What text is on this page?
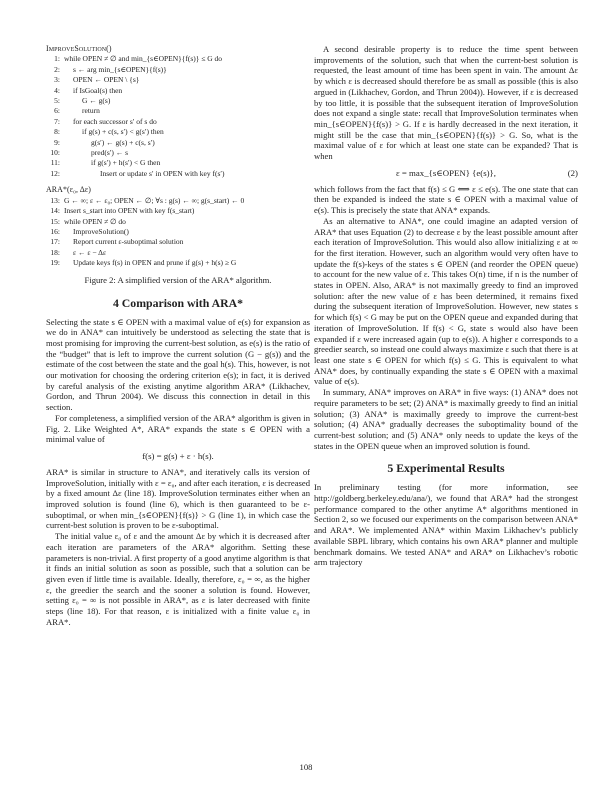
ImproveSolution()
1: while OPEN ≠ ∅ and min_{s∈OPEN}{f(s)} ≤ G do
2:	s ← arg min_{s∈OPEN}{f(s)}
3:	OPEN ← OPEN \ {s}
4:	if IsGoal(s) then
5:	G ← g(s)
6:	return
7:	for each successor s′ of s do
8:	if g(s) + c(s, s′) < g(s′) then
9:	g(s′) ← g(s) + c(s, s′)
10:	pred(s′) ← s
11:	if g(s′) + h(s′) < G then
12:	Insert or update s′ in OPEN with key f(s′)
ARA*(ε₀, Δε)
13: G ← ∞; ε ← ε₀; OPEN ← ∅; ∀s : g(s) ← ∞; g(s_start) ← 0
14: Insert s_start into OPEN with key f(s_start)
15: while OPEN ≠ ∅ do
16:	ImproveSolution()
17:	Report current ε-suboptimal solution
18:	ε ← ε − Δε
19:	Update keys f(s) in OPEN and prune if g(s) + h(s) ≥ G
Figure 2: A simplified version of the ARA* algorithm.
4 Comparison with ARA*

Selecting the state s ∈ OPEN with a maximal value of e(s) for expansion as we do in ANA* can intuitively be understood as selecting the state that is most promising for improving the current-best solution, as e(s) is the ratio of the “budget” that is left to improve the current solution (G − g(s)) and the estimate of the cost between the state and the goal h(s). This, however, is not our motivation for choosing the ordering criterion e(s); in fact, it is derived by careful analysis of the existing anytime algorithm ARA* (Likhachev, Gordon, and Thrun 2004). We discuss this connection in detail in this section.

For completeness, a simplified version of the ARA* algorithm is given in Fig. 2. Like Weighted A*, ARA* expands the state s ∈ OPEN with a minimal value of

f(s) = g(s) + ε · h(s).

ARA* is similar in structure to ANA*, and iteratively calls its version of ImproveSolution, initially with ε = ε₀, and after each iteration, ε is decreased by a fixed amount Δε (line 18). ImproveSolution terminates either when an improved solution is found (line 6), which is then guaranteed to be ε-suboptimal, or when min_{s∈OPEN}{f(s)} > G (line 1), in which case the current-best solution is proven to be ε-suboptimal.

The initial value ε₀ of ε and the amount Δε by which it is decreased after each iteration are parameters of the ARA* algorithm. Setting these parameters is non-trivial. A first property of a good anytime algorithm is that it finds an initial solution as soon as possible, such that a solution can be given even if little time is available. Ideally, therefore, ε₀ = ∞, as the higher ε, the greedier the search and the sooner a solution is found. However, setting ε₀ = ∞ is not possible in ARA*, as ε is later decreased with finite steps (line 18). For that reason, ε is initialized with a finite value ε₀ in ARA*.

A second desirable property is to reduce the time spent between improvements of the solution, such that when the current-best solution is requested, the least amount of time has been spent in vain. The amount Δε by which ε is decreased should therefore be as small as possible (this is also argued in (Likhachev, Gordon, and Thrun 2004)). However, if ε is decreased by too little, it is possible that the subsequent iteration of ImproveSolution does not expand a single state: recall that ImproveSolution terminates when min_{s∈OPEN}{f(s)} > G. If ε is hardly decreased in the next iteration, it might still be the case that min_{s∈OPEN}{f(s)} > G. So, what is the maximal value of ε for which at least one state can be expanded? That is when

ε = max_{s∈OPEN} {e(s)},	(2)

which follows from the fact that f(s) ≤ G ⟺ ε ≤ e(s). The one state that can then be expanded is indeed the state s ∈ OPEN with a maximal value of e(s). This is precisely the state that ANA* expands.

As an alternative to ANA*, one could imagine an adapted version of ARA* that uses Equation (2) to decrease ε by the least possible amount after each iteration of ImproveSolution. This would also allow initializing ε at ∞ for the first iteration. However, such an algorithm would very often have to update the f(s)-keys of the states s ∈ OPEN (and reorder the OPEN queue) to account for the new value of ε. This takes O(n) time, if n is the number of states in OPEN. Also, ARA* is not maximally greedy to find an improved solution: after the new value of ε has been determined, it remains fixed during the subsequent iteration of ImproveSolution. However, new states s for which f(s) < G may be put on the OPEN queue and expanded during that iteration of ImproveSolution. If f(s) < G, state s would also have been expanded if ε were increased again (up to e(s)). A higher ε corresponds to a greedier search, so instead one could always maximize ε such that there is at least one state s ∈ OPEN for which f(s) ≤ G. This is equivalent to what ANA* does, by continually expanding the state s ∈ OPEN with a maximal value of e(s).

In summary, ANA* improves on ARA* in five ways: (1) ANA* does not require parameters to be set; (2) ANA* is maximally greedy to find an initial solution; (3) ANA* is maximally greedy to improve the current-best solution; (4) ANA* gradually decreases the suboptimality bound of the current-best solution; and (5) ANA* only needs to update the keys of the states in the OPEN queue when an improved solution is found.

5 Experimental Results

In preliminary testing (for more information, see http://goldberg.berkeley.edu/ana/), we found that ARA* had the strongest performance compared to the other anytime A* algorithms mentioned in Section 2, so we focused our experiments on the comparison between ANA* and ARA*. We implemented ANA* within Maxim Likhachev’s publicly available SBPL library, which contains his own ARA* planner and multiple benchmark domains. We tested ANA* and ARA* on Likhachev’s robotic arm trajectory

108
